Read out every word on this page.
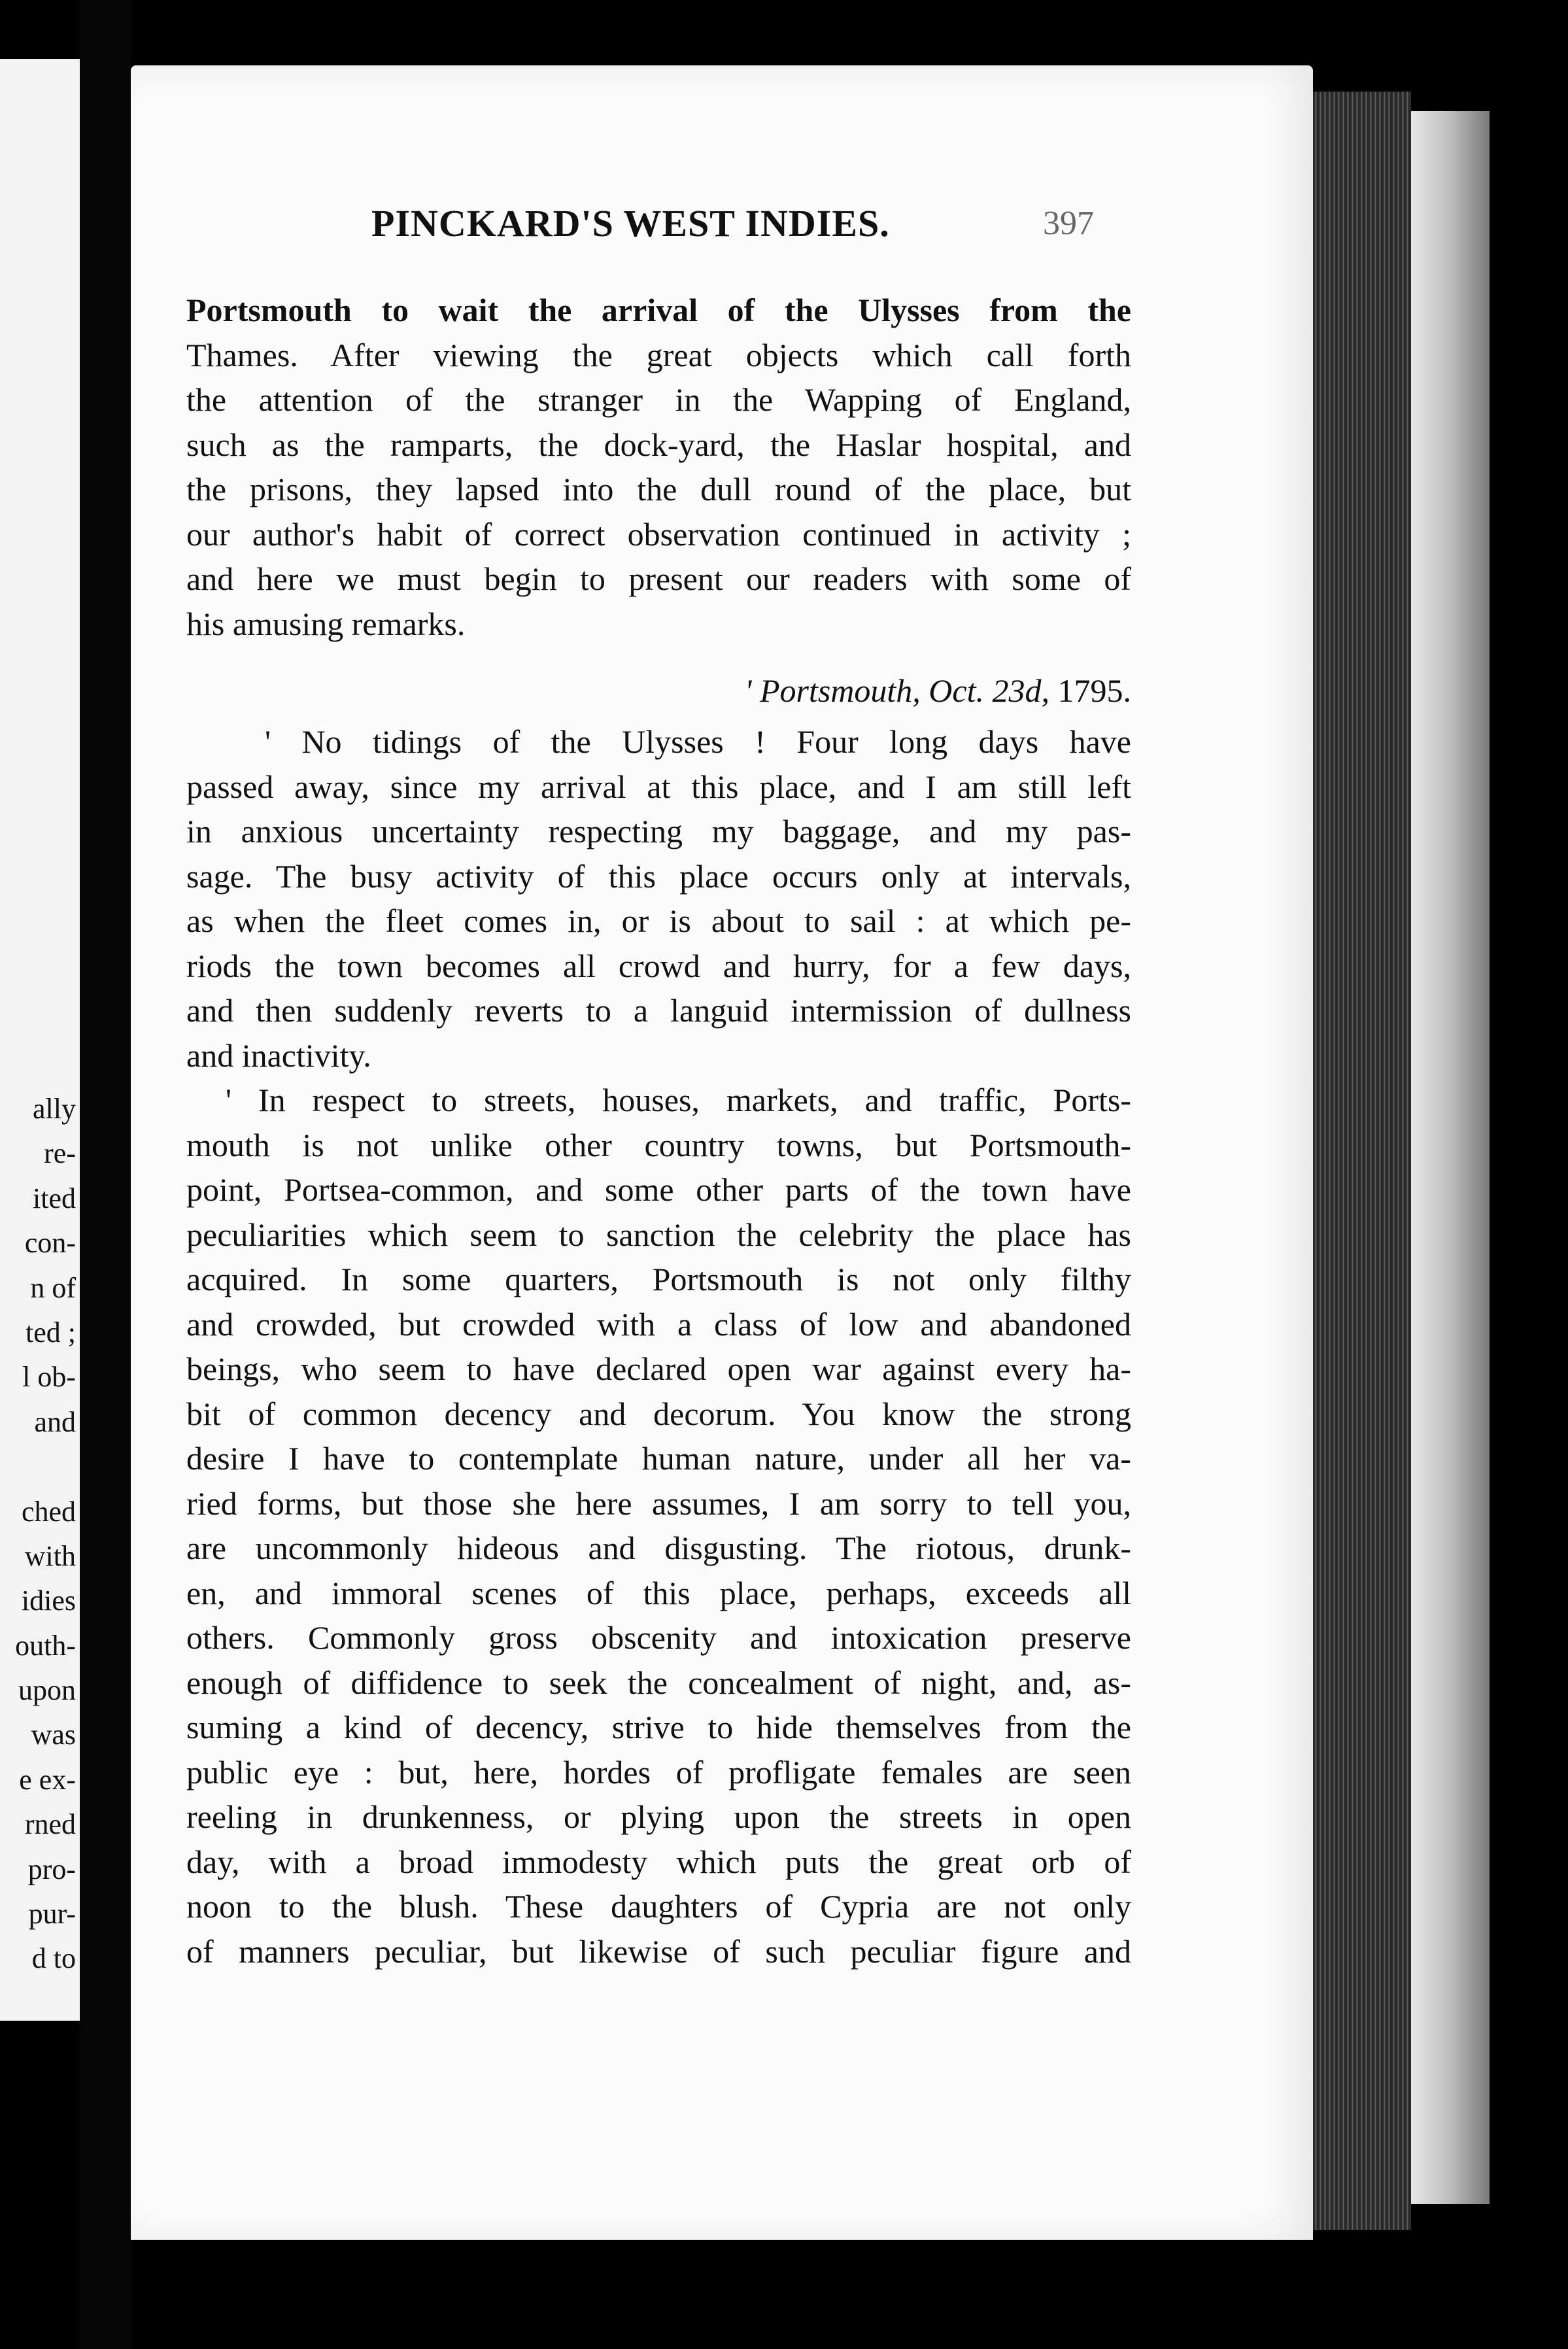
ally
re-
ited
con-
n of
ted ;
l ob-
and
ched
with
idies
outh-
upon
was
e ex-
rned
pro-
pur-
d to
PINCKARD'S WEST INDIES.	397
Portsmouth to wait the arrival of the Ulysses from the
Thames. After viewing the great objects which call forth
the attention of the stranger in the Wapping of England,
such as the ramparts, the dock-yard, the Haslar hospital, and
the prisons, they lapsed into the dull round of the place, but
our author's habit of correct observation continued in activity ;
and here we must begin to present our readers with some of
his amusing remarks.
' Portsmouth, Oct. 23d, 1795.
' No tidings of the Ulysses ! Four long days have
passed away, since my arrival at this place, and I am still left
in anxious uncertainty respecting my baggage, and my pas-
sage. The busy activity of this place occurs only at intervals,
as when the fleet comes in, or is about to sail : at which pe-
riods the town becomes all crowd and hurry, for a few days,
and then suddenly reverts to a languid intermission of dullness
and inactivity.
' In respect to streets, houses, markets, and traffic, Ports-
mouth is not unlike other country towns, but Portsmouth-
point, Portsea-common, and some other parts of the town have
peculiarities which seem to sanction the celebrity the place has
acquired. In some quarters, Portsmouth is not only filthy
and crowded, but crowded with a class of low and abandoned
beings, who seem to have declared open war against every ha-
bit of common decency and decorum. You know the strong
desire I have to contemplate human nature, under all her va-
ried forms, but those she here assumes, I am sorry to tell you,
are uncommonly hideous and disgusting. The riotous, drunk-
en, and immoral scenes of this place, perhaps, exceeds all
others. Commonly gross obscenity and intoxication preserve
enough of diffidence to seek the concealment of night, and, as-
suming a kind of decency, strive to hide themselves from the
public eye : but, here, hordes of profligate females are seen
reeling in drunkenness, or plying upon the streets in open
day, with a broad immodesty which puts the great orb of
noon to the blush. These daughters of Cypria are not only
of manners peculiar, but likewise of such peculiar figure and
